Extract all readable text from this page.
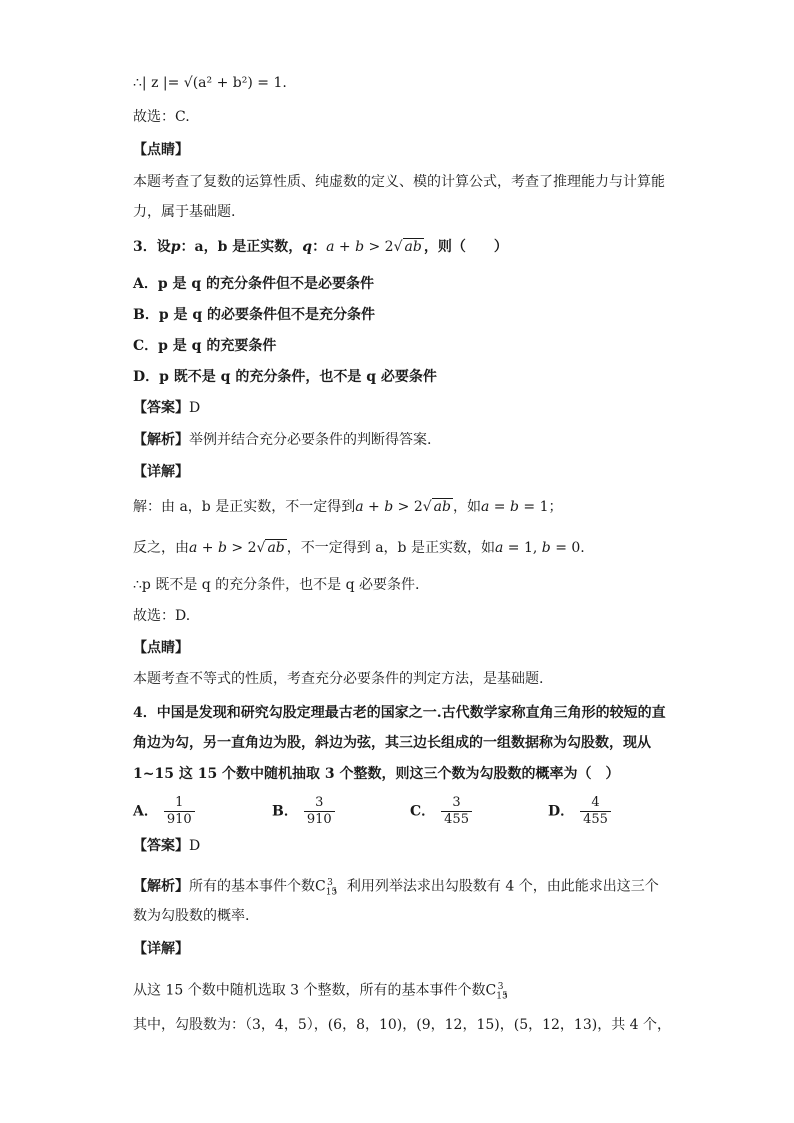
∴| z |= √(a² + b²) = 1.
故选：C.
【点睛】
本题考查了复数的运算性质、纯虚数的定义、模的计算公式，考查了推理能力与计算能
力，属于基础题.
3．设p：a，b 是正实数，q：a + b > 2√ ab ，则（　　）
A．p 是 q 的充分条件但不是必要条件
B．p 是 q 的必要条件但不是充分条件
C．p 是 q 的充要条件
D．p 既不是 q 的充分条件，也不是 q 必要条件
【答案】D
【解析】举例并结合充分必要条件的判断得答案.
【详解】
解：由 a，b 是正实数，不一定得到a + b > 2√ ab ，如a = b = 1；
反之，由a + b > 2√ ab ，不一定得到 a，b 是正实数，如a = 1, b = 0.
∴p 既不是 q 的充分条件，也不是 q 必要条件.
故选：D.
【点睛】
本题考查不等式的性质，考查充分必要条件的判定方法，是基础题.
4．中国是发现和研究勾股定理最古老的国家之一.古代数学家称直角三角形的较短的直
角边为勾，另一直角边为股，斜边为弦，其三边长组成的一组数据称为勾股数，现从
1~15 这 15 个数中随机抽取 3 个整数，则这三个数为勾股数的概率为（　）
A． $\frac{1}{910}$	B． $\frac{3}{910}$	C． $\frac{3}{455}$	D． $\frac{4}{455}$
【答案】D
【解析】所有的基本事件个数$C_{15}^3$，利用列举法求出勾股数有 4 个，由此能求出这三个
数为勾股数的概率.
【详解】
从这 15 个数中随机选取 3 个整数，所有的基本事件个数$C_{15}^3$，
其中，勾股数为：（3，4，5），(6，8，10)，(9，12，15)，(5，12，13)，共 4 个，
